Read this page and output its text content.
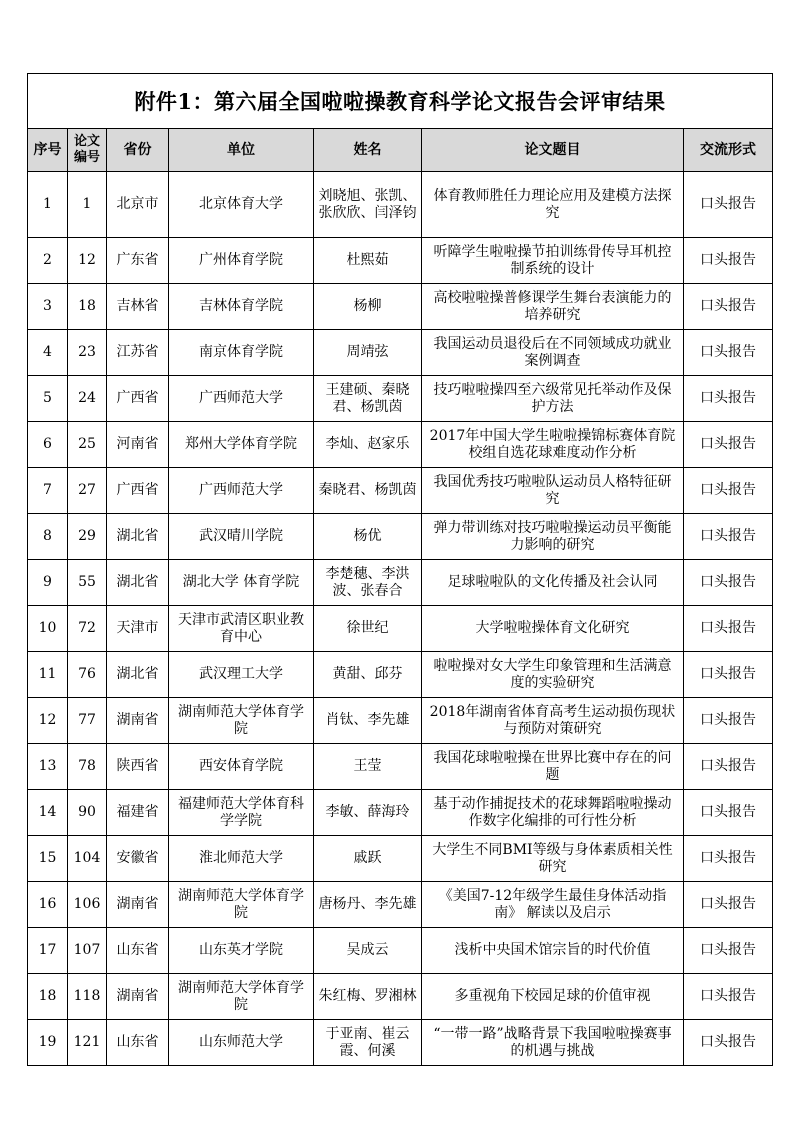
附件1：第六届全国啦啦操教育科学论文报告会评审结果						
序号	论文编号	省份	单位	姓名	论文题目	交流形式
1	1	北京市	北京体育大学	刘晓旭、张凯、张欣欣、闫泽钧	体育教师胜任力理论应用及建模方法探究	口头报告
2	12	广东省	广州体育学院	杜熙茹	听障学生啦啦操节拍训练骨传导耳机控制系统的设计	口头报告
3	18	吉林省	吉林体育学院	杨柳	高校啦啦操普修课学生舞台表演能力的培养研究	口头报告
4	23	江苏省	南京体育学院	周靖弦	我国运动员退役后在不同领域成功就业案例调查	口头报告
5	24	广西省	广西师范大学	王建硕、秦晓君、杨凯茵	技巧啦啦操四至六级常见托举动作及保护方法	口头报告
6	25	河南省	郑州大学体育学院	李灿、赵家乐	2017年中国大学生啦啦操锦标赛体育院校组自选花球难度动作分析	口头报告
7	27	广西省	广西师范大学	秦晓君、杨凯茵	我国优秀技巧啦啦队运动员人格特征研究	口头报告
8	29	湖北省	武汉晴川学院	杨优	弹力带训练对技巧啦啦操运动员平衡能力影响的研究	口头报告
9	55	湖北省	湖北大学 体育学院	李楚穗、李洪波、张春合	足球啦啦队的文化传播及社会认同	口头报告
10	72	天津市	天津市武清区职业教育中心	徐世纪	大学啦啦操体育文化研究	口头报告
11	76	湖北省	武汉理工大学	黄甜、邱芬	啦啦操对女大学生印象管理和生活满意度的实验研究	口头报告
12	77	湖南省	湖南师范大学体育学院	肖钛、李先雄	2018年湖南省体育高考生运动损伤现状与预防对策研究	口头报告
13	78	陕西省	西安体育学院	王莹	我国花球啦啦操在世界比赛中存在的问题	口头报告
14	90	福建省	福建师范大学体育科学学院	李敏、薛海玲	基于动作捕捉技术的花球舞蹈啦啦操动作数字化编排的可行性分析	口头报告
15	104	安徽省	淮北师范大学	戚跃	大学生不同BMI等级与身体素质相关性研究	口头报告
16	106	湖南省	湖南师范大学体育学院	唐杨丹、李先雄	《美国7-12年级学生最佳身体活动指南》 解读以及启示	口头报告
17	107	山东省	山东英才学院	吴成云	浅析中央国术馆宗旨的时代价值	口头报告
18	118	湖南省	湖南师范大学体育学院	朱红梅、罗湘林	多重视角下校园足球的价值审视	口头报告
19	121	山东省	山东师范大学	于亚南、崔云霞、何溪	“一带一路”战略背景下我国啦啦操赛事的机遇与挑战	口头报告
